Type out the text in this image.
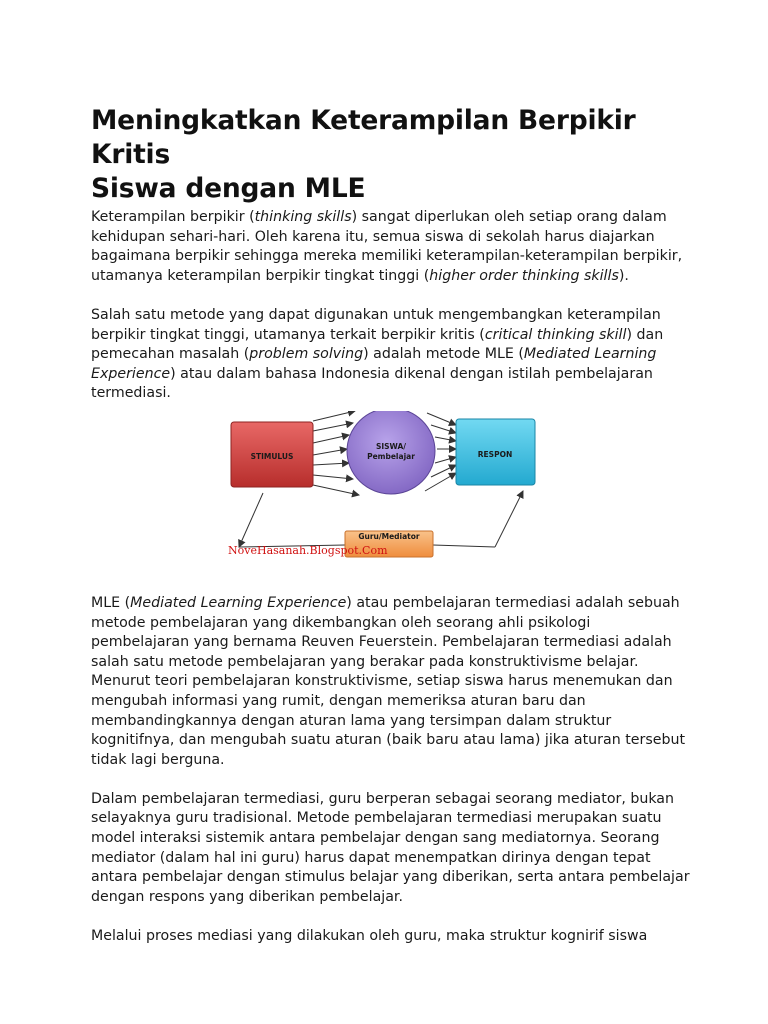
Meningkatkan Keterampilan Berpikir Kritis
Siswa dengan MLE

Keterampilan berpikir (thinking skills) sangat diperlukan oleh setiap orang dalam kehidupan sehari-hari. Oleh karena itu, semua siswa di sekolah harus diajarkan bagaimana berpikir sehingga mereka memiliki keterampilan-keterampilan berpikir, utamanya keterampilan berpikir tingkat tinggi (higher order thinking skills).

Salah satu metode yang dapat digunakan untuk mengembangkan keterampilan berpikir tingkat tinggi, utamanya terkait berpikir kritis (critical thinking skill) dan pemecahan masalah (problem solving) adalah metode MLE (Mediated Learning Experience) atau dalam bahasa Indonesia dikenal dengan istilah pembelajaran termediasi.

STIMULUS
SISWA/
Pembelajar	RESPON
Guru/Mediator
NoveHasanah.Blogspot.Com

MLE (Mediated Learning Experience) atau pembelajaran termediasi adalah sebuah metode pembelajaran yang dikembangkan oleh seorang ahli psikologi pembelajaran yang bernama Reuven Feuerstein. Pembelajaran termediasi adalah salah satu metode pembelajaran yang berakar pada konstruktivisme belajar. Menurut teori pembelajaran konstruktivisme, setiap siswa harus menemukan dan mengubah informasi yang rumit, dengan memeriksa aturan baru dan membandingkannya dengan aturan lama yang tersimpan dalam struktur kognitifnya, dan mengubah suatu aturan (baik baru atau lama) jika aturan tersebut tidak lagi berguna.

Dalam pembelajaran termediasi, guru berperan sebagai seorang mediator, bukan selayaknya guru tradisional. Metode pembelajaran termediasi merupakan suatu model interaksi sistemik antara pembelajar dengan sang mediatornya. Seorang mediator (dalam hal ini guru) harus dapat menempatkan dirinya dengan tepat antara pembelajar dengan stimulus belajar yang diberikan, serta antara pembelajar dengan respons yang diberikan pembelajar.

Melalui proses mediasi yang dilakukan oleh guru, maka struktur kognirif siswa
